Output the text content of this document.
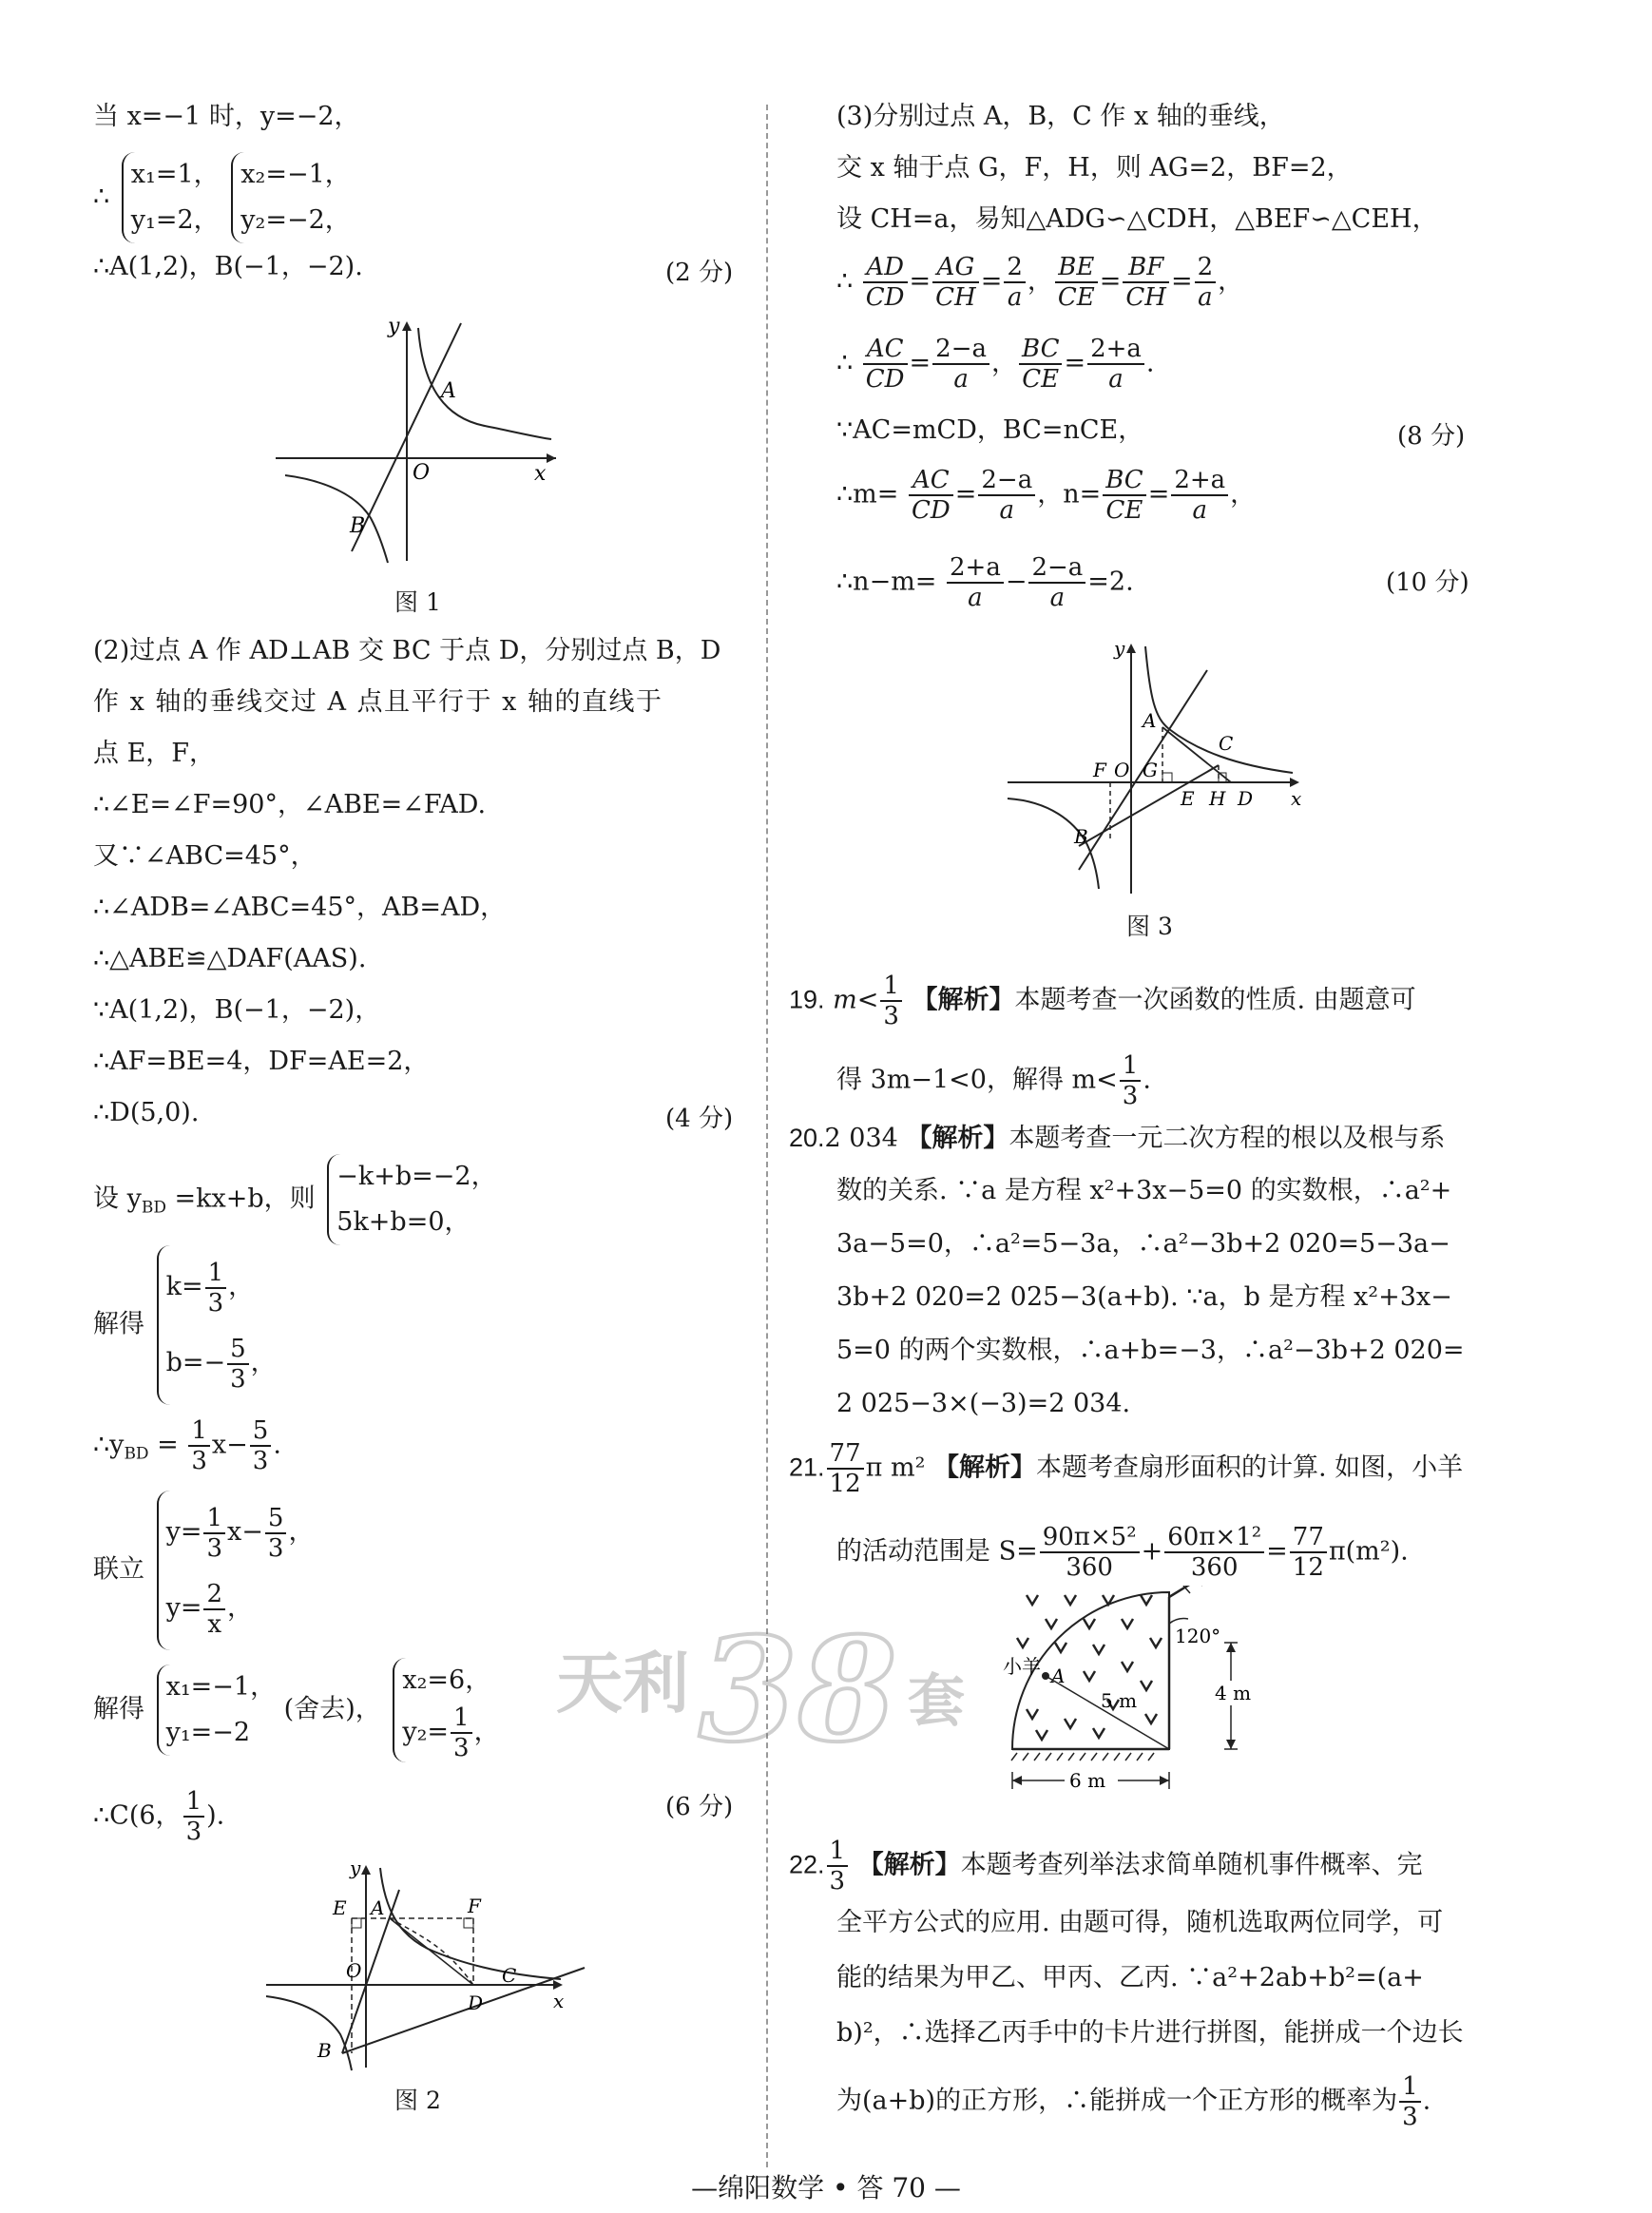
当 x=−1 时，y=−2，
∴
x₁=1，
y₁=2，

x₂=−1，
y₂=−2，
∴A(1,2)，B(−1，−2).	(2 分)
y
x
O
A
B
图 1
(2)过点 A 作 AD⊥AB 交 BC 于点 D，分别过点 B，D
作 x 轴的垂线交过 A 点且平行于 x 轴的直线于
点 E，F，
∴∠E=∠F=90°，∠ABE=∠FAD.
又∵∠ABC=45°，
∴∠ADB=∠ABC=45°，AB=AD，
∴△ABE≌△DAF(AAS).
∵A(1,2)，B(−1，−2)，
∴AF=BE=4，DF=AE=2，
∴D(5,0).	(4 分)
设 $y_{BD} =kx+b$，则
−k+b=−2，
5k+b=0，
解得
$k= \frac{1}{3}$ ，
$b=- \frac{5}{3}$ ，
$\therefore y_{BD} = \frac{1}{3} x- \frac{5}{3}$ .
联立
$y= \frac{1}{3} x- \frac{5}{3}$ ，
$y= \frac{2}{x}$ ，
解得
x₁=−1，
y₁=−2
(舍去)，
x₂=6，
$y_2= \frac{1}{3}$ ，
∴C(6， $\frac{1}{3}$ ).	(6 分)
y
x
O
A
B
C
D
E	F
图 2
(3)分别过点 A，B，C 作 x 轴的垂线，
交 x 轴于点 G，F，H，则 AG=2，BF=2，
设 CH=a，易知△ADG∽△CDH，△BEF∽△CEH，
∴ $\frac{AD}{CD} = \frac{AG}{CH} = \frac{2}{a}$ ， $\frac{BE}{CE} = \frac{BF}{CH} = \frac{2}{a}$ ，
∴ $\frac{AC}{CD} = \frac{2-a}{a}$ ， $\frac{BC}{CE} = \frac{2+a}{a}$ .
∵AC=mCD，BC=nCE，	(8 分)
∴m= $\frac{AC}{CD} = \frac{2-a}{a}$ ，$n= \frac{BC}{CE} = \frac{2+a}{a}$ ，
∴n−m= $\frac{2+a}{a} - \frac{2-a}{a} =2$.	(10 分)
y
x
O
A
B
C
D
E
F G
H
图 3
19. $m< \frac{1}{3}$ 【解析】本题考查一次函数的性质. 由题意可
得 3m−1<0，解得 $m< \frac{1}{3}$ .
20.2 034 【解析】本题考查一元二次方程的根以及根与系
数的关系. ∵a 是方程 x²+3x−5=0 的实数根，∴a²+
3a−5=0，∴a²=5−3a，∴a²−3b+2 020=5−3a−
3b+2 020=2 025−3(a+b). ∵a，b 是方程 x²+3x−
5=0 的两个实数根，∴a+b=−3，∴a²−3b+2 020=
2 025−3×(−3)=2 034.
21. $\frac{77}{12}$ π m² 【解析】本题考查扇形面积的计算. 如图，小羊
的活动范围是 $S= \frac{\text{90π×5²}}{360} + \frac{\text{60π×1²}}{360} = \frac{77}{12} \pi(m^2)$.
小羊 A
120°
5 m	4 m
6 m
22. $\frac{1}{3}$ 【解析】本题考查列举法求简单随机事件概率、完
全平方公式的应用. 由题可得，随机选取两位同学，可
能的结果为甲乙、甲丙、乙丙. ∵a²+2ab+b²=(a+
b)²，∴选择乙丙手中的卡片进行拼图，能拼成一个边长
为(a+b)的正方形，∴能拼成一个正方形的概率为 $\frac{1}{3}$ .
天利 38 套
—绵阳数学 • 答 70 —
